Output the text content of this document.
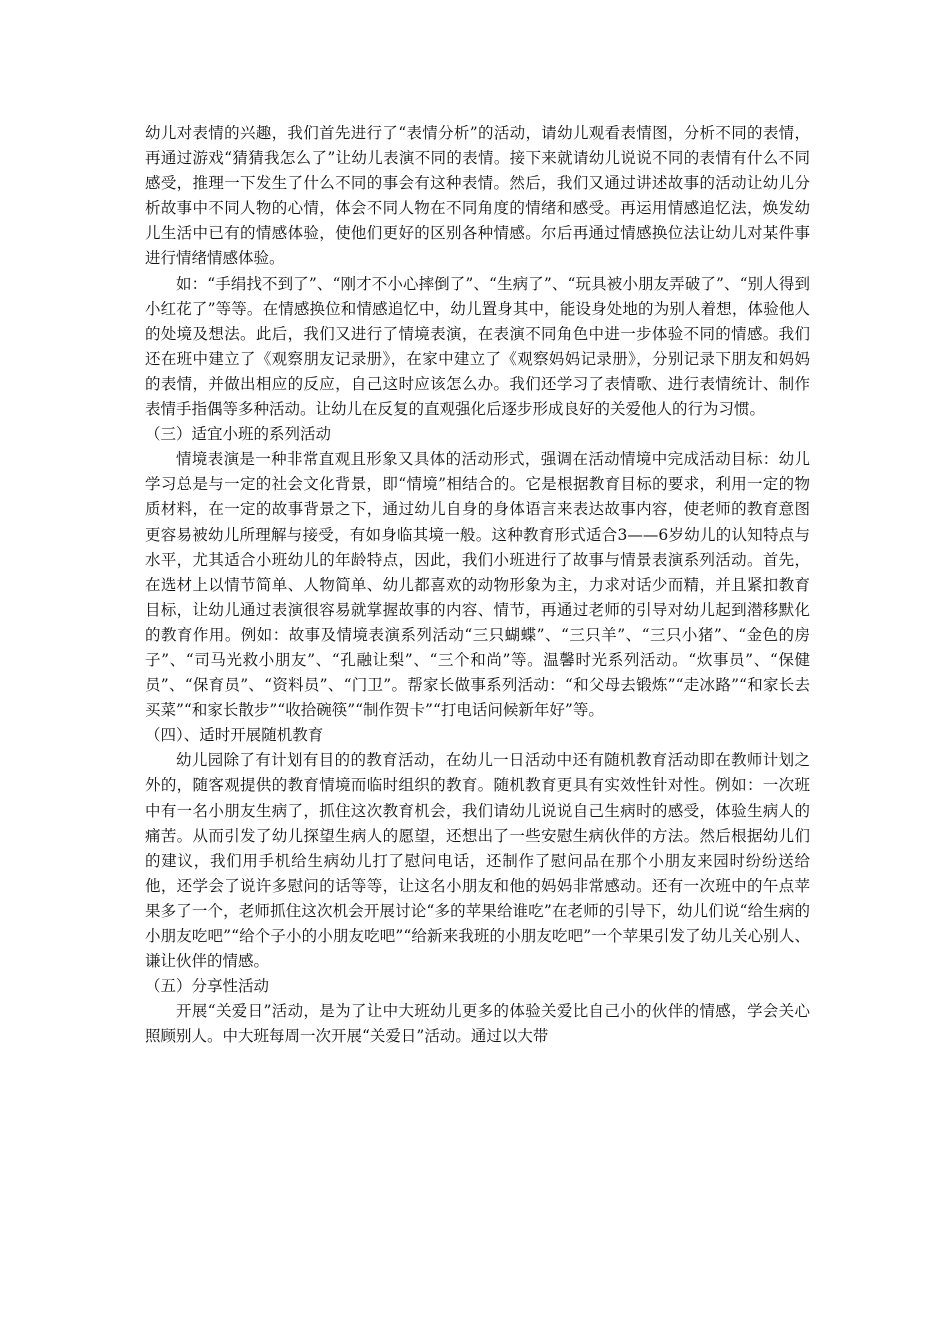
幼儿对表情的兴趣，我们首先进行了“表情分析”的活动，请幼儿观看表情图，分析不同的表情，再通过游戏“猜猜我怎么了”让幼儿表演不同的表情。接下来就请幼儿说说不同的表情有什么不同感受，推理一下发生了什么不同的事会有这种表情。然后，我们又通过讲述故事的活动让幼儿分析故事中不同人物的心情，体会不同人物在不同角度的情绪和感受。再运用情感追忆法，焕发幼儿生活中已有的情感体验，使他们更好的区别各种情感。尔后再通过情感换位法让幼儿对某件事进行情绪情感体验。

如：“手绢找不到了”、“刚才不小心摔倒了”、“生病了”、“玩具被小朋友弄破了”、“别人得到小红花了”等等。在情感换位和情感追忆中，幼儿置身其中，能设身处地的为别人着想，体验他人的处境及想法。此后，我们又进行了情境表演，在表演不同角色中进一步体验不同的情感。我们还在班中建立了《观察朋友记录册》，在家中建立了《观察妈妈记录册》，分别记录下朋友和妈妈的表情，并做出相应的反应，自己这时应该怎么办。我们还学习了表情歌、进行表情统计、制作表情手指偶等多种活动。让幼儿在反复的直观强化后逐步形成良好的关爱他人的行为习惯。

（三）适宜小班的系列活动

情境表演是一种非常直观且形象又具体的活动形式，强调在活动情境中完成活动目标：幼儿学习总是与一定的社会文化背景，即“情境”相结合的。它是根据教育目标的要求，利用一定的物质材料，在一定的故事背景之下，通过幼儿自身的身体语言来表达故事内容，使老师的教育意图更容易被幼儿所理解与接受，有如身临其境一般。这种教育形式适合3——6岁幼儿的认知特点与水平，尤其适合小班幼儿的年龄特点，因此，我们小班进行了故事与情景表演系列活动。首先，在选材上以情节简单、人物简单、幼儿都喜欢的动物形象为主，力求对话少而精，并且紧扣教育目标，让幼儿通过表演很容易就掌握故事的内容、情节，再通过老师的引导对幼儿起到潜移默化的教育作用。例如：故事及情境表演系列活动“三只蝴蝶”、“三只羊”、“三只小猪”、“金色的房子”、“司马光救小朋友”、“孔融让梨”、“三个和尚”等。温馨时光系列活动。“炊事员”、“保健员”、“保育员”、“资料员”、“门卫”。帮家长做事系列活动：“和父母去锻炼”“走冰路”“和家长去买菜”“和家长散步”“收拾碗筷”“制作贺卡”“打电话问候新年好”等。

（四）、适时开展随机教育

幼儿园除了有计划有目的的教育活动，在幼儿一日活动中还有随机教育活动即在教师计划之外的，随客观提供的教育情境而临时组织的教育。随机教育更具有实效性针对性。例如：一次班中有一名小朋友生病了，抓住这次教育机会，我们请幼儿说说自己生病时的感受，体验生病人的痛苦。从而引发了幼儿探望生病人的愿望，还想出了一些安慰生病伙伴的方法。然后根据幼儿们的建议，我们用手机给生病幼儿打了慰问电话，还制作了慰问品在那个小朋友来园时纷纷送给他，还学会了说许多慰问的话等等，让这名小朋友和他的妈妈非常感动。还有一次班中的午点苹果多了一个，老师抓住这次机会开展讨论“多的苹果给谁吃”在老师的引导下，幼儿们说“给生病的小朋友吃吧”“给个子小的小朋友吃吧”“给新来我班的小朋友吃吧”一个苹果引发了幼儿关心别人、谦让伙伴的情感。

（五）分享性活动

开展“关爱日”活动，是为了让中大班幼儿更多的体验关爱比自己小的伙伴的情感，学会关心照顾别人。中大班每周一次开展“关爱日”活动。通过以大带
